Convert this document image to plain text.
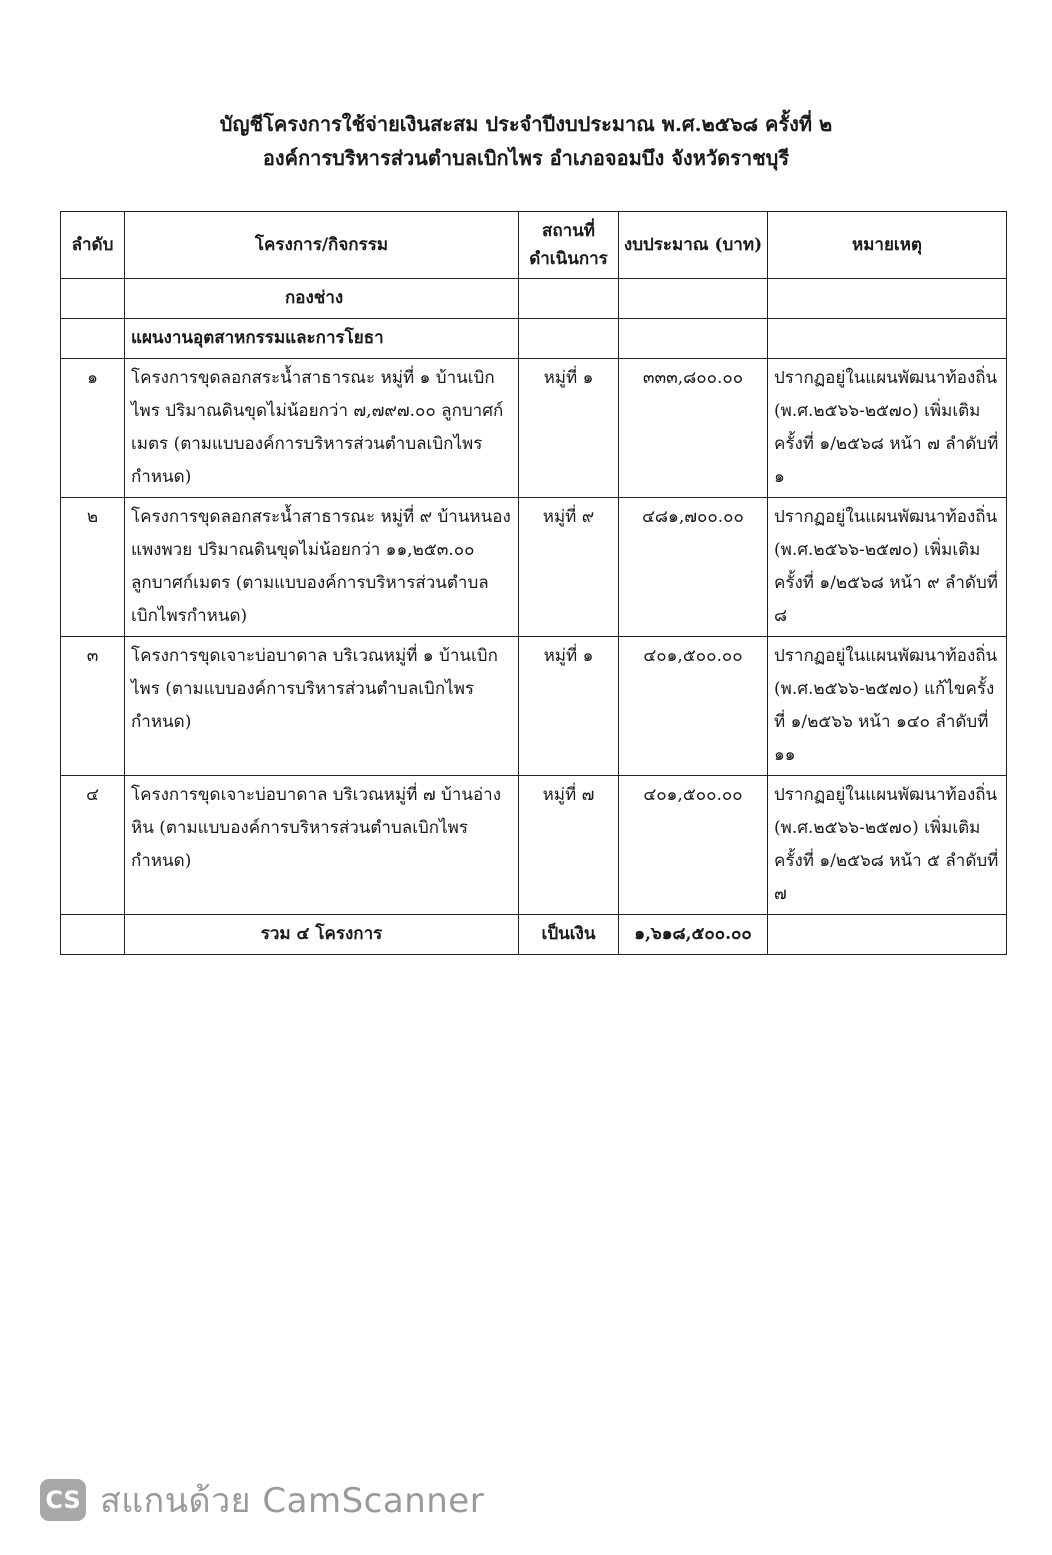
บัญชีโครงการใช้จ่ายเงินสะสม ประจำปีงบประมาณ พ.ศ.๒๕๖๘ ครั้งที่ ๒
องค์การบริหารส่วนตำบลเบิกไพร อำเภอจอมบึง จังหวัดราชบุรี
ลำดับ	โครงการ/กิจกรรม	สถานที่ ดำเนินการ	งบประมาณ (บาท)	หมายเหตุ
	กองช่าง			
	แผนงานอุตสาหกรรมและการโยธา			
๑	โครงการขุดลอกสระน้ำสาธารณะ หมู่ที่ ๑ บ้านเบิกไพร ปริมาณดินขุดไม่น้อยกว่า ๗,๗๙๗.๐๐ ลูกบาศก์เมตร (ตามแบบองค์การบริหารส่วนตำบลเบิกไพรกำหนด)	หมู่ที่ ๑	๓๓๓,๘๐๐.๐๐	ปรากฏอยู่ในแผนพัฒนาท้องถิ่น (พ.ศ.๒๕๖๖-๒๕๗๐) เพิ่มเติมครั้งที่ ๑/๒๕๖๘ หน้า ๗ ลำดับที่ ๑
๒	โครงการขุดลอกสระน้ำสาธารณะ หมู่ที่ ๙ บ้านหนองแพงพวย ปริมาณดินขุดไม่น้อยกว่า ๑๑,๒๕๓.๐๐ ลูกบาศก์เมตร (ตามแบบองค์การบริหารส่วนตำบลเบิกไพรกำหนด)	หมู่ที่ ๙	๔๘๑,๗๐๐.๐๐	ปรากฏอยู่ในแผนพัฒนาท้องถิ่น (พ.ศ.๒๕๖๖-๒๕๗๐) เพิ่มเติมครั้งที่ ๑/๒๕๖๘ หน้า ๙ ลำดับที่ ๘
๓	โครงการขุดเจาะบ่อบาดาล บริเวณหมู่ที่ ๑ บ้านเบิกไพร (ตามแบบองค์การบริหารส่วนตำบลเบิกไพรกำหนด)	หมู่ที่ ๑	๔๐๑,๕๐๐.๐๐	ปรากฏอยู่ในแผนพัฒนาท้องถิ่น (พ.ศ.๒๕๖๖-๒๕๗๐) แก้ไขครั้งที่ ๑/๒๕๖๖ หน้า ๑๔๐ ลำดับที่ ๑๑
๔	โครงการขุดเจาะบ่อบาดาล บริเวณหมู่ที่ ๗ บ้านอ่างหิน (ตามแบบองค์การบริหารส่วนตำบลเบิกไพรกำหนด)	หมู่ที่ ๗	๔๐๑,๕๐๐.๐๐	ปรากฏอยู่ในแผนพัฒนาท้องถิ่น (พ.ศ.๒๕๖๖-๒๕๗๐) เพิ่มเติมครั้งที่ ๑/๒๕๖๘ หน้า ๕ ลำดับที่ ๗
	รวม ๔ โครงการ	เป็นเงิน	๑,๖๑๘,๕๐๐.๐๐	
CS สแกนด้วย CamScanner
